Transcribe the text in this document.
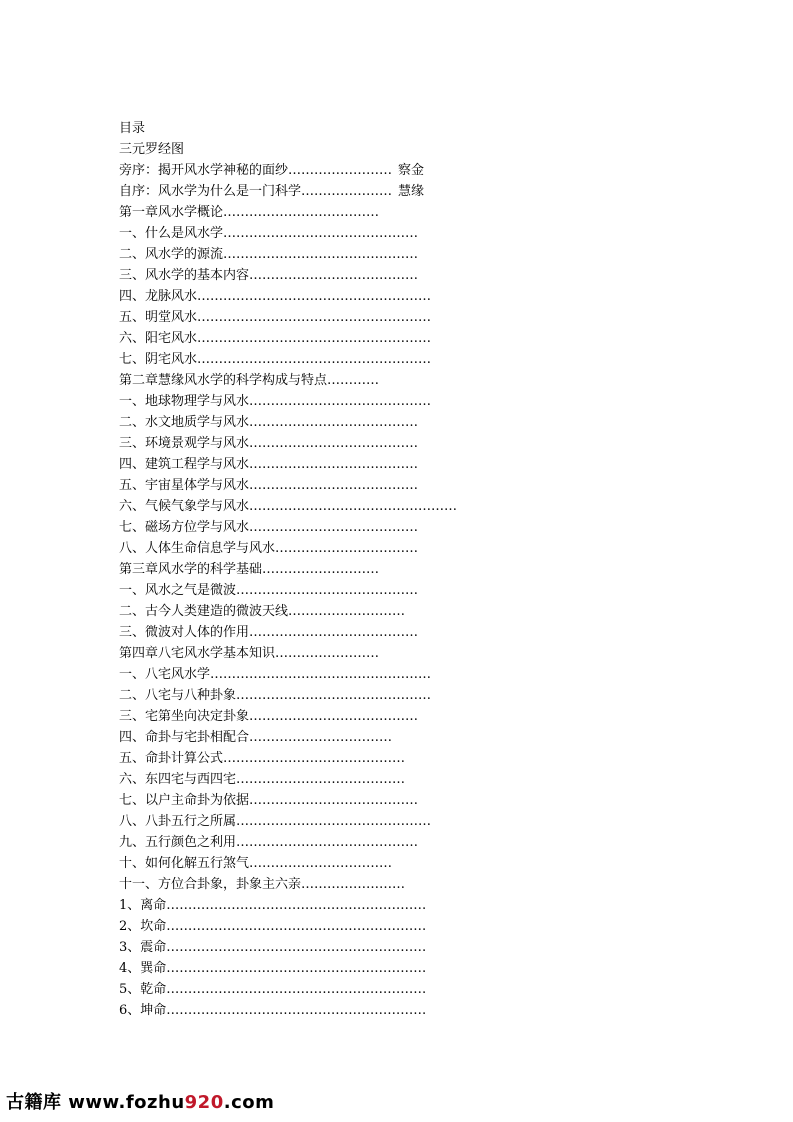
目录
三元罗经图
旁序：揭开风水学神秘的面纱…………………… 察金
自序：风水学为什么是一门科学………………… 慧缘
第一章风水学概论………………………………
一、什么是风水学………………………………………
二、风水学的源流………………………………………
三、风水学的基本内容…………………………………
四、龙脉风水………………………………………………
五、明堂风水………………………………………………
六、阳宅风水………………………………………………
七、阴宅风水………………………………………………
第二章慧缘风水学的科学构成与特点…………
一、地球物理学与风水……………………………………
二、水文地质学与风水…………………………………
三、环境景观学与风水…………………………………
四、建筑工程学与风水…………………………………
五、宇宙星体学与风水…………………………………
六、气候气象学与风水…………………………………………
七、磁场方位学与风水…………………………………
八、人体生命信息学与风水……………………………
第三章风水学的科学基础………………………
一、风水之气是微波……………………………………
二、古今人类建造的微波天线………………………
三、微波对人体的作用…………………………………
第四章八宅风水学基本知识……………………
一、八宅风水学……………………………………………
二、八宅与八种卦象………………………………………
三、宅第坐向决定卦象…………………………………
四、命卦与宅卦相配合……………………………
五、命卦计算公式……………………………………
六、东四宅与西四宅…………………………………
七、以户主命卦为依据…………………………………
八、八卦五行之所属………………………………………
九、五行颜色之利用……………………………………
十、如何化解五行煞气……………………………
十一、方位合卦象，卦象主六亲……………………
1、离命……………………………………………………
2、坎命……………………………………………………
3、震命……………………………………………………
4、巽命……………………………………………………
5、乾命……………………………………………………
6、坤命……………………………………………………
古籍库 www.fozhu920.com
